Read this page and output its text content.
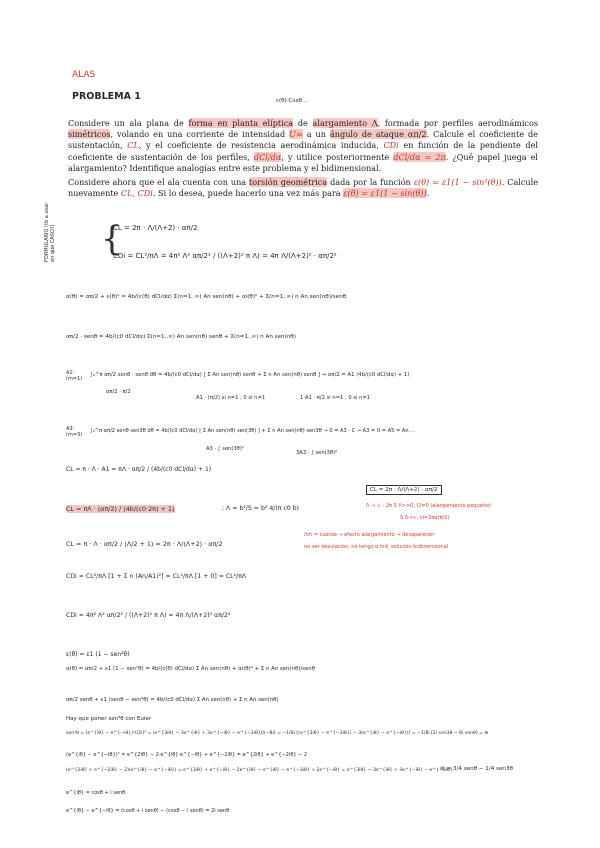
ALAS
PROBLEMA 1	c(θ)·Cosθ...

Considere un ala plana de forma en planta elíptica de alargamiento Λ, formada por perfiles aerodinámicos simétricos, volando en una corriente de intensidad U∞ a un ángulo de ataque απ/2. Calcule el coeficiente de sustentación, CL, y el coeficiente de resistencia aerodinámica inducida, CDi en función de la pendiente del coeficiente de sustentación de los perfiles, dCl/dα, y utilice posteriormente dCl/dα = 2π. ¿Qué papel juega el alargamiento? Identifique analogías entre este problema y el bidimensional.

Considere ahora que el ala cuenta con una torsión geométrica dada por la función ε(θ) = ε1(1 − sin²(θ)). Calcule nuevamente CL, CDi. Si lo desea, puede hacerlo una vez más para ε(θ) = ε1(1 − sin(θ)).

FORMULARIO (tb a usar en que CASO?) {
CL = 2π · Λ/(Λ+2) · απ/2
CDi = CL²/πΛ = 4π² Λ² απ/2² / ((Λ+2)² π Λ) = 4π Λ/(Λ+2)² · απ/2²
α(θ) = απ/2 + ε(θ)⁰ = 4b/(c(θ) dCl/dα) Σ(n=1..∞) An sen(nθ) + αi(θ)⁰ + Σ(n=1..∞) n An sen(nθ)/senθ
απ/2 · senθ = 4b/(c0 dCl/dα) Σ(n=1..∞) An sen(nθ) senθ + Σ(n=1..∞) n An sen(nθ)
A1: (m=1)
∫₀^π απ/2 senθ · senθ dθ = 4b/(c0 dCl/dα) [ Σ An sen(nθ) senθ + Σ n An sen(nθ) senθ ] → απ/2 = A1 (4b/(c0 dCl/dα) + 1)
απ/2 · π/2
A1 · (π/2) si n=1 ; 0 si n≠1	1·A1 · π/2 si n=1 ; 0 si n≠1
A3: (m=3)
∫₀^π απ/2 senθ sen3θ dθ = 4b/(c0 dCl/dα) [ Σ An sen(nθ) sen(3θ) ] + Σ n An sen(nθ) sen3θ → 0 = A3 · C → A3 = 0 = A5 = An ...
A3 · ∫ sen(3θ)²
3A3 · ∫ sen(3θ)²
CL = π · Λ · A1 = πΛ · απ/2 / (4b/(c0 dCl/dα) + 1)
CL = πΛ · (απ/2) / (4b/(c0·2π) + 1)	; Λ = b²/S = b² 4/(π c0 b)
CL = π · Λ · απ/2 / (Λ/2 + 1) = 2π · Λ/(Λ+2) · απ/2
CL = 2π · Λ/(Λ+2) · απ/2
Λ → ∞ : 2π S Λ>>0, Cl=0 (alargamiento pequeño)
S Λ→∞, cl=2πα(π/2)
Λm = cuerda → efecto alargamiento → desaparecen
no ver desviación, no tengo α ind, solución bidimensional
CDi = CL²/πΛ [1 + Σ n (An/A1)²] = CL²/πΛ [1 + 0] = CL²/πΛ
CDi = 4π² Λ² απ/2² / ((Λ+2)² π Λ) = 4π Λ/(Λ+2)² απ/2²
ε(θ) = ε1 (1 − sen²θ)
α(θ) = απ/2 + ε1 (1 − sen²θ) = 4b/(c(θ) dCl/dα) Σ An sen(nθ) + αi(θ)⁰ + Σ n An sen(nθ)/senθ
απ/2 senθ + ε1 (senθ − sen³θ) = 4b/(c0 dCl/dα) Σ An sen(nθ) + Σ n An sen(nθ)
Hay que poner sen³θ con Euler
sen³θ = (e^{iθ} − e^{−iθ})³/(2i)³ = (e^{3iθ} − 3e^{iθ} + 3e^{−iθ} − e^{−3iθ})/(−8i) = −1/8i [(e^{3iθ} − e^{−3iθ}) − 3(e^{iθ} − e^{−iθ})] = −1/8i [2i sen3θ − 6i senθ] = ⊛
(e^{iθ} − e^{−iθ})² = e^{2iθ} − 2·e^{iθ}·e^{−iθ} + e^{−2iθ} = e^{2iθ} + e^{−2iθ} − 2
(e^{2iθ} + e^{−2iθ} − 2)(e^{iθ} − e^{−iθ}) = e^{3iθ} + e^{−iθ} − 2e^{iθ} − e^{iθ} − e^{−3iθ} + 2e^{−iθ} = e^{3iθ} − 3e^{iθ} + 3e^{−iθ} − e^{−3iθ}
⊛ = 3/4 senθ − 1/4 sen3θ
e^{iθ} = cosθ + i senθ
e^{iθ} − e^{−iθ} = (cosθ + i senθ) − (cosθ − i senθ) = 2i senθ
